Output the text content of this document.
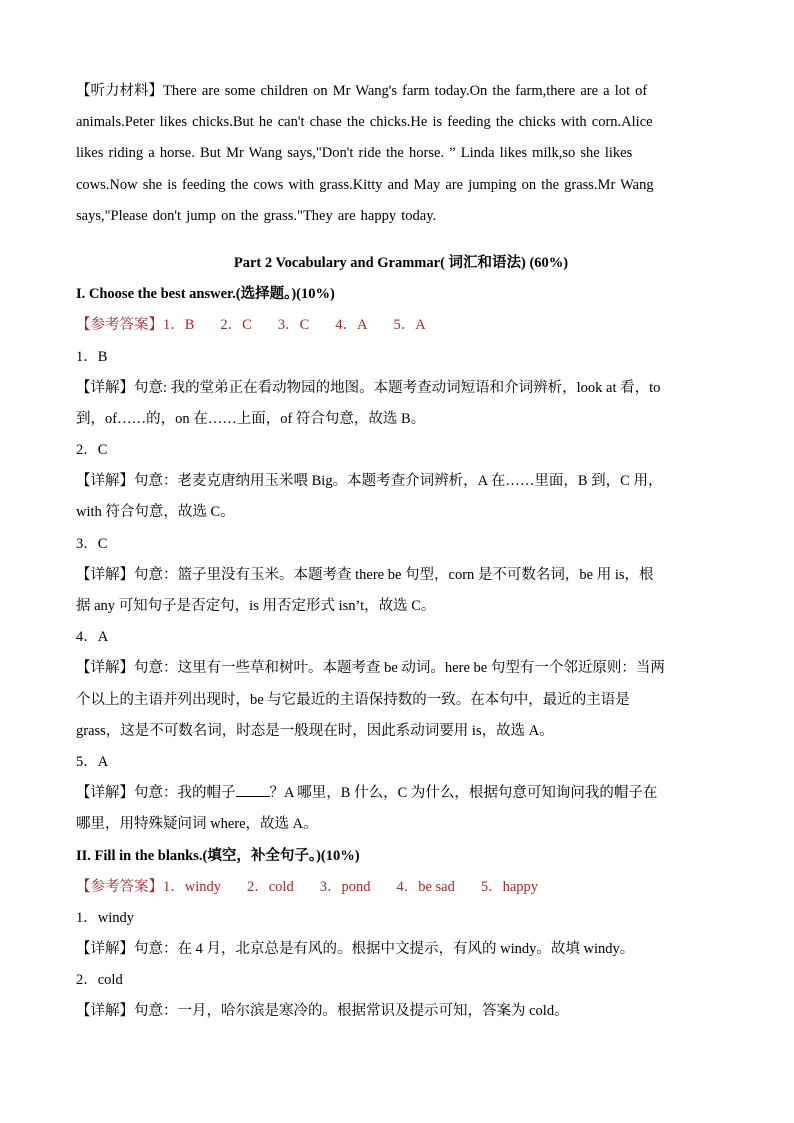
【听力材料】There are some children on Mr Wang's farm today.On the farm,there are a lot of
animals.Peter likes chicks.But he can't chase the chicks.He is feeding the chicks with corn.Alice
likes riding a horse. But Mr Wang says,"Don't ride the horse. ” Linda likes milk,so she likes
cows.Now she is feeding the cows with grass.Kitty and May are jumping on the grass.Mr Wang
says,"Please don't jump on the grass."They are happy today.
Part 2 Vocabulary and Grammar( 词汇和语法) (60%)
I. Choose the best answer.(选择题。)(10%)
【参考答案】1．B 2．C 3．C 4．A 5．A
1．B
【详解】句意: 我的堂弟正在看动物园的地图。本题考查动词短语和介词辨析，look at 看，to
到，of……的，on 在……上面，of 符合句意，故选 B。
2．C
【详解】句意：老麦克唐纳用玉米喂 Big。本题考查介词辨析，A 在……里面，B 到，C 用，
with 符合句意，故选 C。
3．C
【详解】句意：篮子里没有玉米。本题考查 there be 句型，corn 是不可数名词，be 用 is，根
据 any 可知句子是否定句，is 用否定形式 isn’t，故选 C。
4．A
【详解】句意：这里有一些草和树叶。本题考查 be 动词。here be 句型有一个邻近原则：当两
个以上的主语并列出现时，be 与它最近的主语保持数的一致。在本句中，最近的主语是
grass，这是不可数名词，时态是一般现在时，因此系动词要用 is，故选 A。
5．A
【详解】句意：我的帽子 ？A 哪里，B 什么，C 为什么，根据句意可知询问我的帽子在
哪里，用特殊疑问词 where，故选 A。
II. Fill in the blanks.(填空，补全句子。)(10%)
【参考答案】1．windy 2．cold 3．pond 4．be sad 5．happy
1．windy
【详解】句意：在 4 月，北京总是有风的。根据中文提示，有风的 windy。故填 windy。
2．cold
【详解】句意：一月，哈尔滨是寒冷的。根据常识及提示可知，答案为 cold。
